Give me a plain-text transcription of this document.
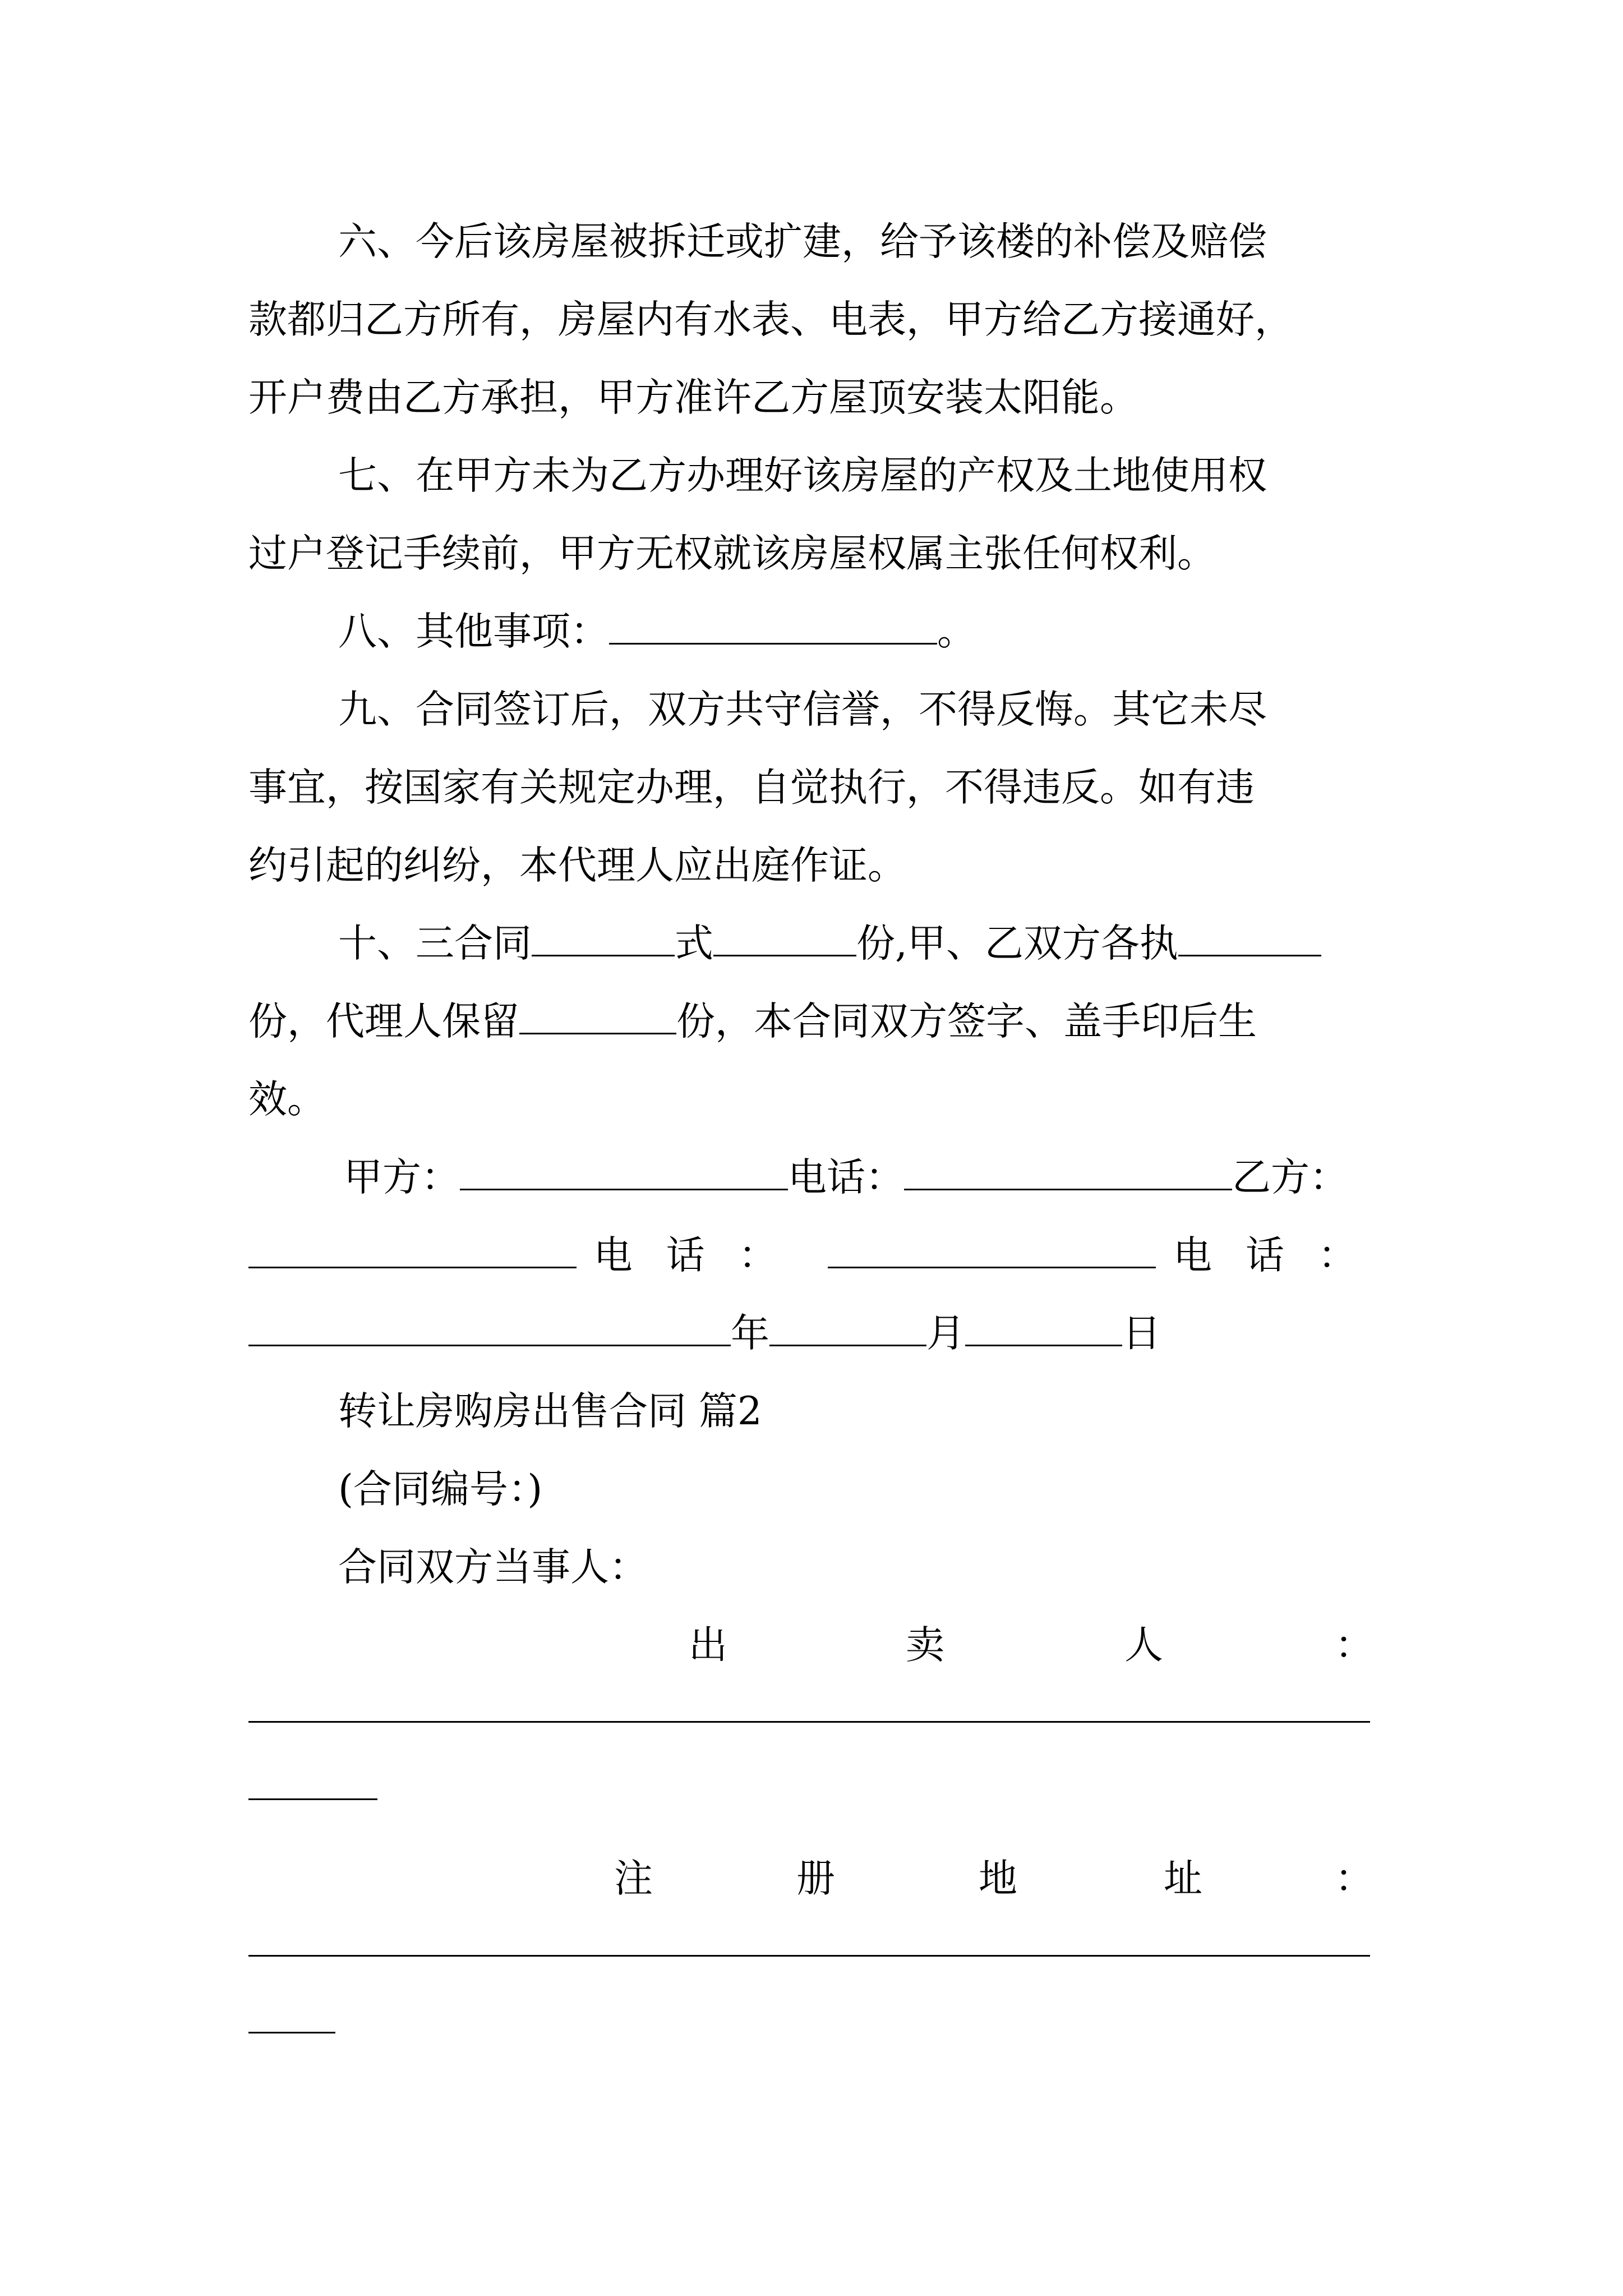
六、今后该房屋被拆迁或扩建，给予该楼的补偿及赔偿
款都归乙方所有，房屋内有水表、电表，甲方给乙方接通好，
开户费由乙方承担，甲方准许乙方屋顶安装太阳能。
七、在甲方未为乙方办理好该房屋的产权及土地使用权
过户登记手续前，甲方无权就该房屋权属主张任何权利。
八、其他事项：	。
九、合同签订后，双方共守信誉，不得反悔。其它未尽
事宜，按国家有关规定办理，自觉执行，不得违反。如有违
约引起的纠纷，本代理人应出庭作证。
十、三合同	式	份,甲、乙双方各执
份，代理人保留	份，本合同双方签字、盖手印后生
效。
甲方：	电话：	乙方：
电话：	电话：
年	月	日
转让房购房出售合同 篇2
(合同编号：)
合同双方当事人：
出	卖	人	：
注	册	地	址	：
